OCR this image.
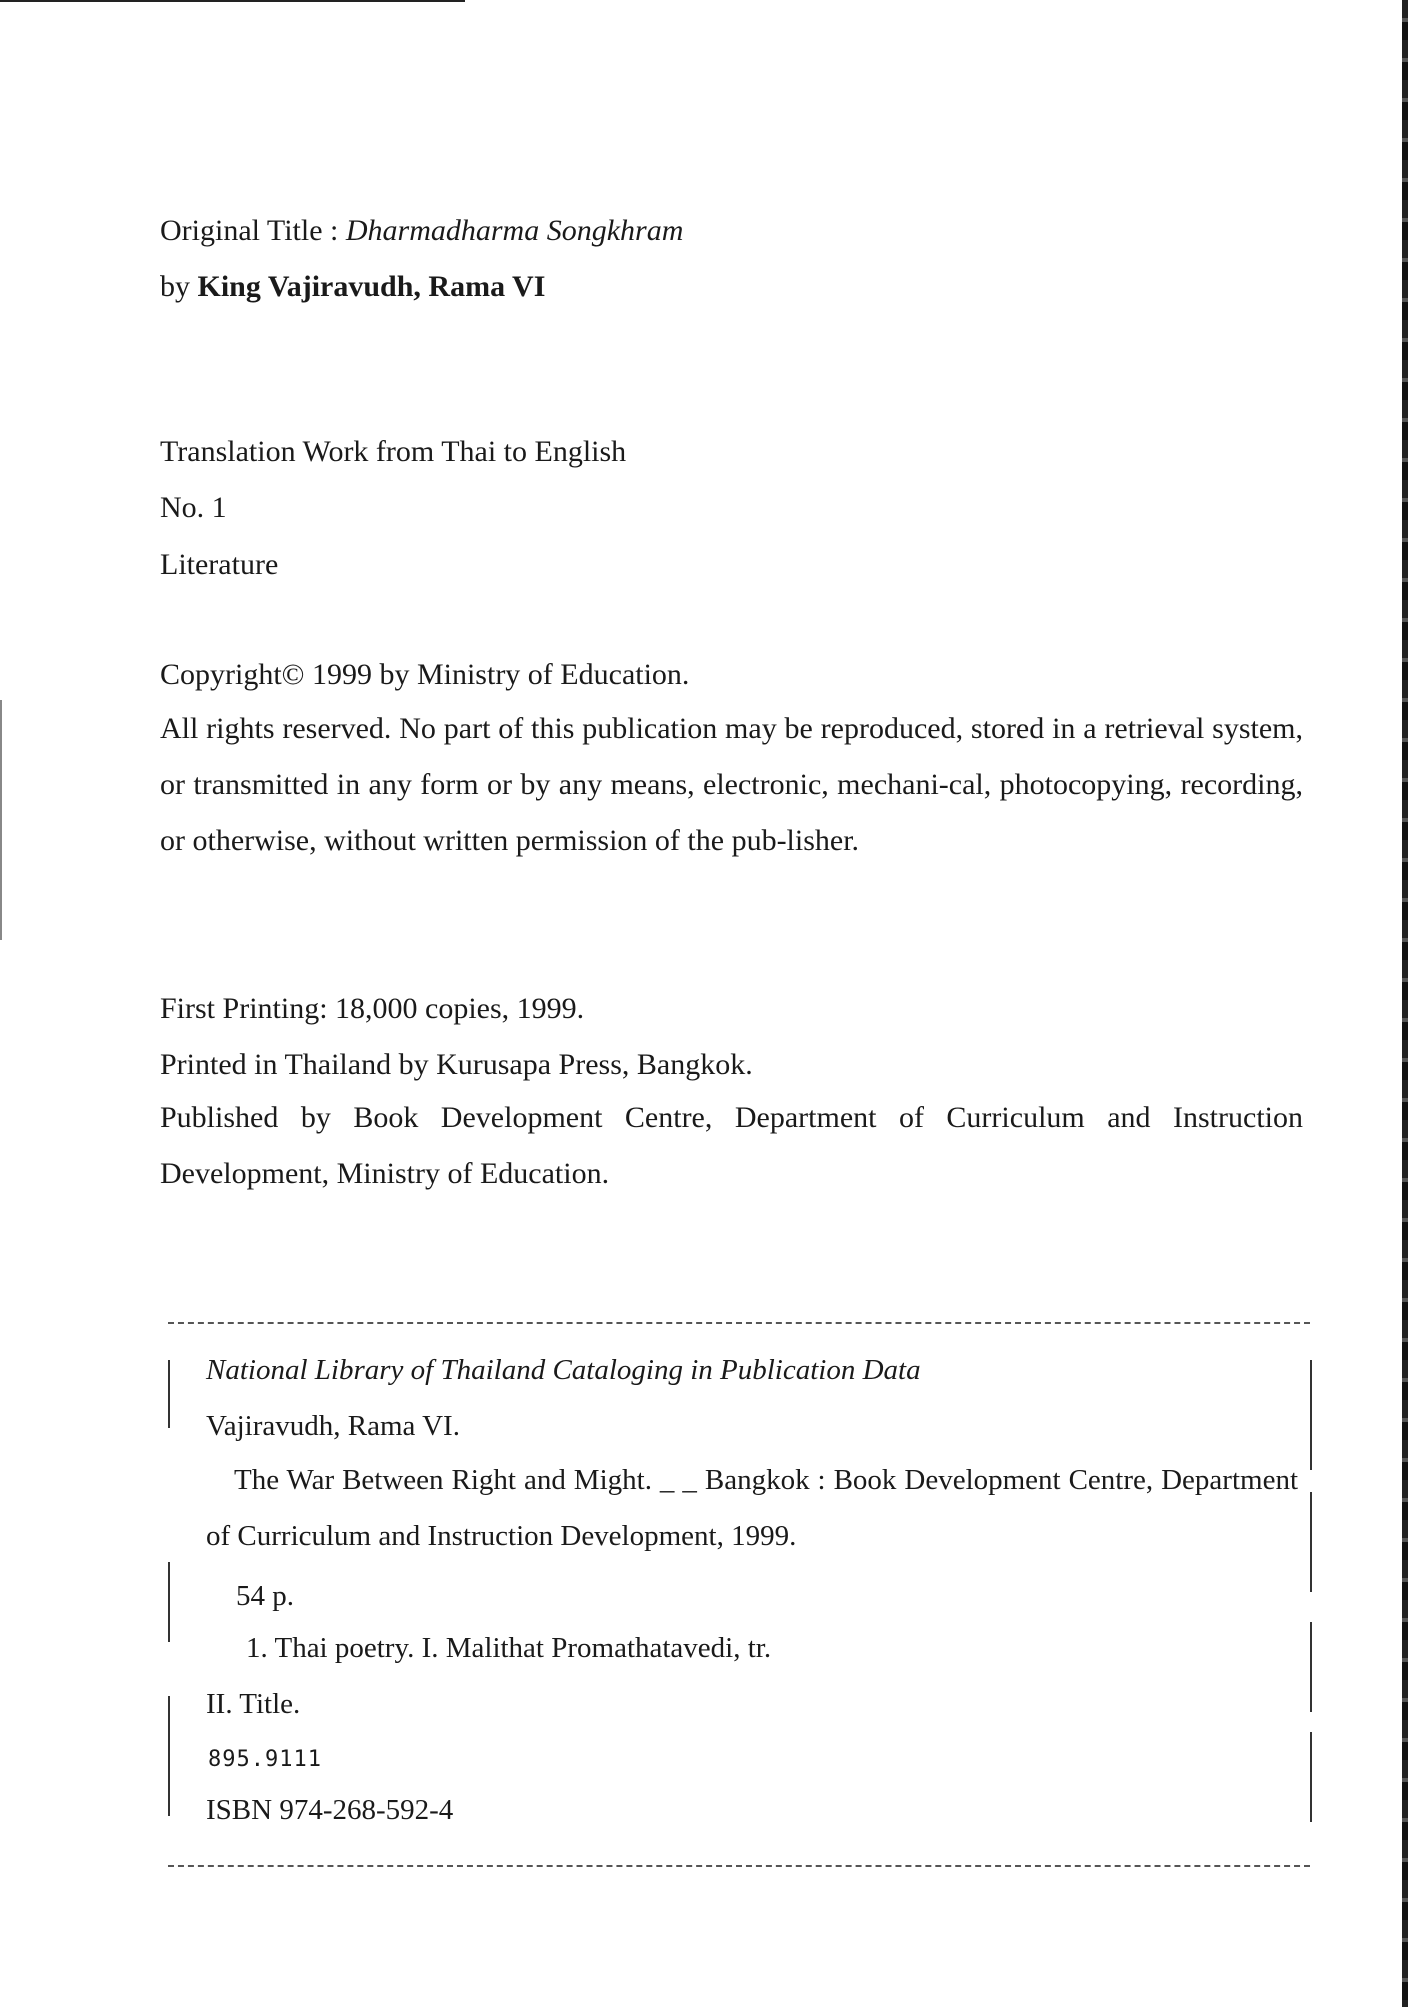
Original Title : Dharmadharma Songkhram
by King Vajiravudh, Rama VI
Translation Work from Thai to English
No. 1
Literature
Copyright© 1999 by Ministry of Education.
All rights reserved. No part of this publication may be reproduced, stored in a retrieval system, or transmitted in any form or by any means, electronic, mechani-cal, photocopying, recording, or otherwise, without written permission of the pub-lisher.
First Printing: 18,000 copies, 1999.
Printed in Thailand by Kurusapa Press, Bangkok.
Published by Book Development Centre, Department of Curriculum and Instruction Development, Ministry of Education.
National Library of Thailand Cataloging in Publication Data
Vajiravudh, Rama VI.
The War Between Right and Might. _ _ Bangkok : Book Development Centre, Department of Curriculum and Instruction Development, 1999.
54 p.
1. Thai poetry. I. Malithat Promathatavedi, tr.
II. Title.
895.9111
ISBN 974-268-592-4
